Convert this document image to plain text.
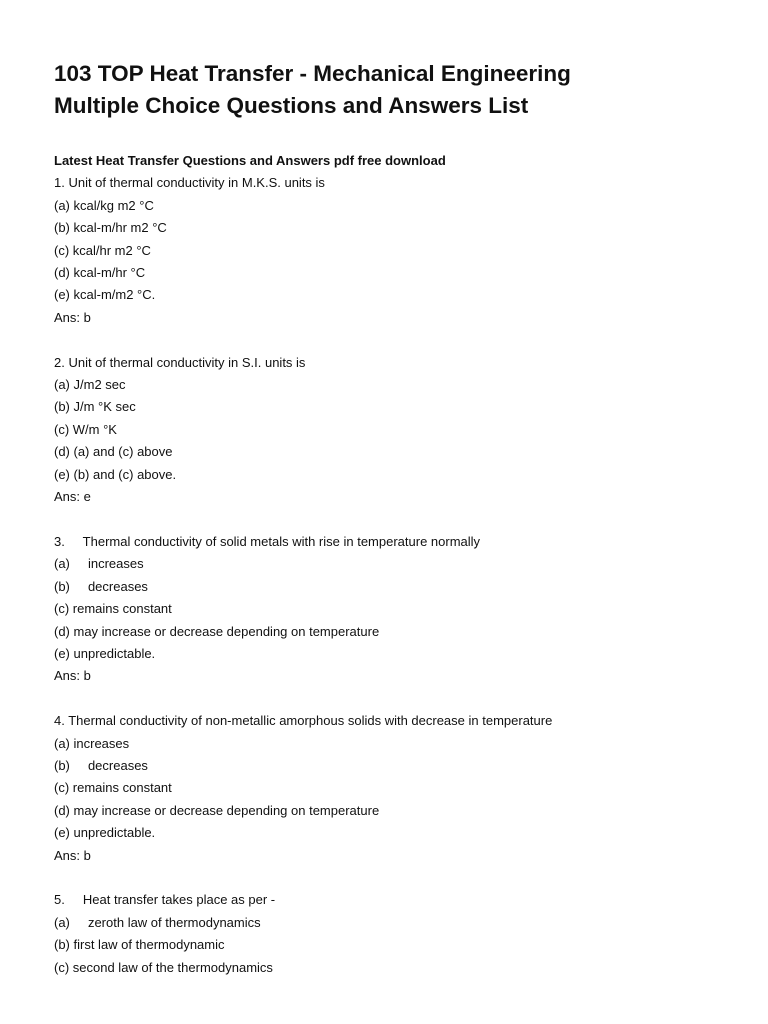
103 TOP Heat Transfer - Mechanical Engineering
Multiple Choice Questions and Answers List
Latest Heat Transfer Questions and Answers pdf free download
1. Unit of thermal conductivity in M.K.S. units is
(a) kcal/kg m2 °C
(b) kcal-m/hr m2 °C
(c) kcal/hr m2 °C
(d) kcal-m/hr °C
(e) kcal-m/m2 °C.
Ans: b
2. Unit of thermal conductivity in S.I. units is
(a) J/m2 sec
(b) J/m °K sec
(c) W/m °K
(d) (a) and (c) above
(e) (b) and (c) above.
Ans: e
3.     Thermal conductivity of solid metals with rise in temperature normally
(a)     increases
(b)     decreases
(c) remains constant
(d) may increase or decrease depending on temperature
(e) unpredictable.
Ans: b
4. Thermal conductivity of non-metallic amorphous solids with decrease in temperature
(a) increases
(b)     decreases
(c) remains constant
(d) may increase or decrease depending on temperature
(e) unpredictable.
Ans: b
5.     Heat transfer takes place as per -
(a)     zeroth law of thermodynamics
(b) first law of thermodynamic
(c) second law of the thermodynamics
